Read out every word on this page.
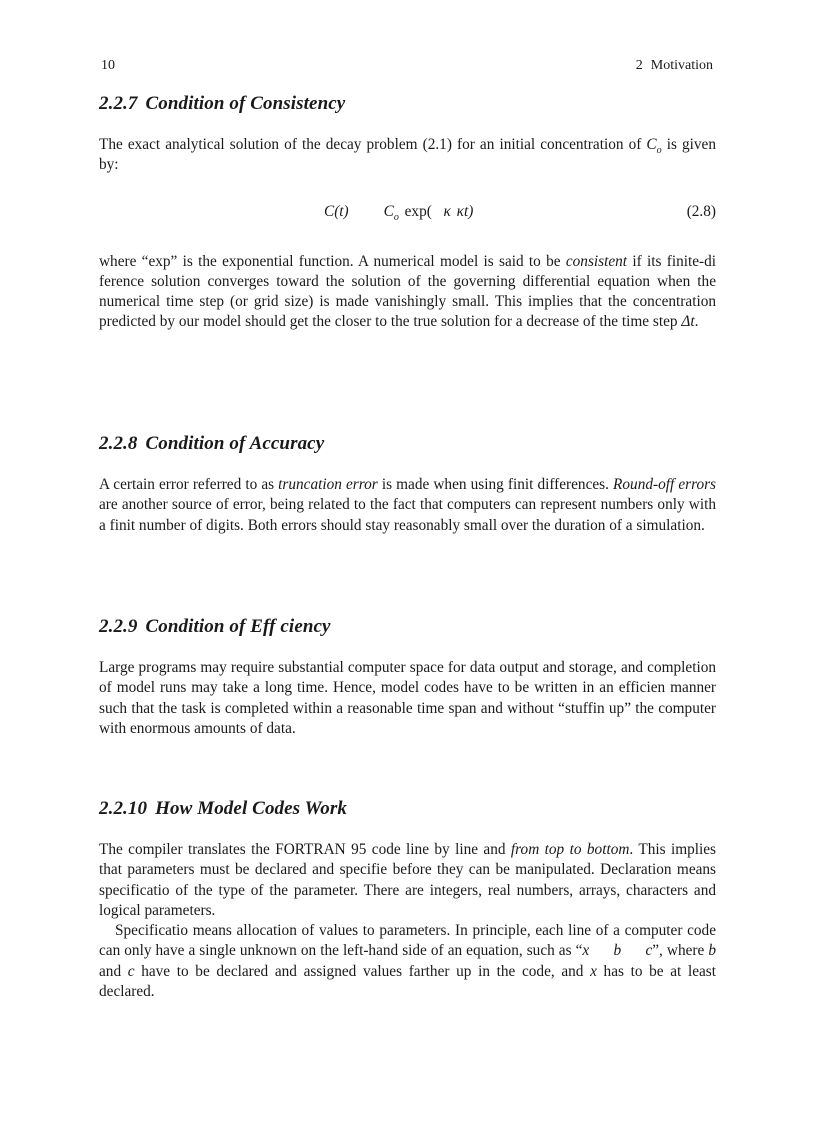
10	2 Motivation
2.2.7 Condition of Consistency

The exact analytical solution of the decay problem (2.1) for an initial concentration of $C_o$ is given by:

C(t) $C_o$ exp( κ κt)	(2.8)

where “exp” is the exponential function. A numerical model is said to be consistent if its finite-di ference solution converges toward the solution of the governing differential equation when the numerical time step (or grid size) is made vanishingly small. This implies that the concentration predicted by our model should get the closer to the true solution for a decrease of the time step Δt.

2.2.8 Condition of Accuracy

A certain error referred to as truncation error is made when using finit differences. Round-off errors are another source of error, being related to the fact that computers can represent numbers only with a finit number of digits. Both errors should stay reasonably small over the duration of a simulation.

2.2.9 Condition of Eff ciency

Large programs may require substantial computer space for data output and storage, and completion of model runs may take a long time. Hence, model codes have to be written in an efficien manner such that the task is completed within a reasonable time span and without “stuffin up” the computer with enormous amounts of data.

2.2.10 How Model Codes Work

The compiler translates the FORTRAN 95 code line by line and from top to bottom. This implies that parameters must be declared and specifie before they can be manipulated. Declaration means specificatio of the type of the parameter. There are integers, real numbers, arrays, characters and logical parameters.

Specificatio means allocation of values to parameters. In principle, each line of a computer code can only have a single unknown on the left-hand side of an equation, such as “x b c”, where b and c have to be declared and assigned values farther up in the code, and x has to be at least declared.
